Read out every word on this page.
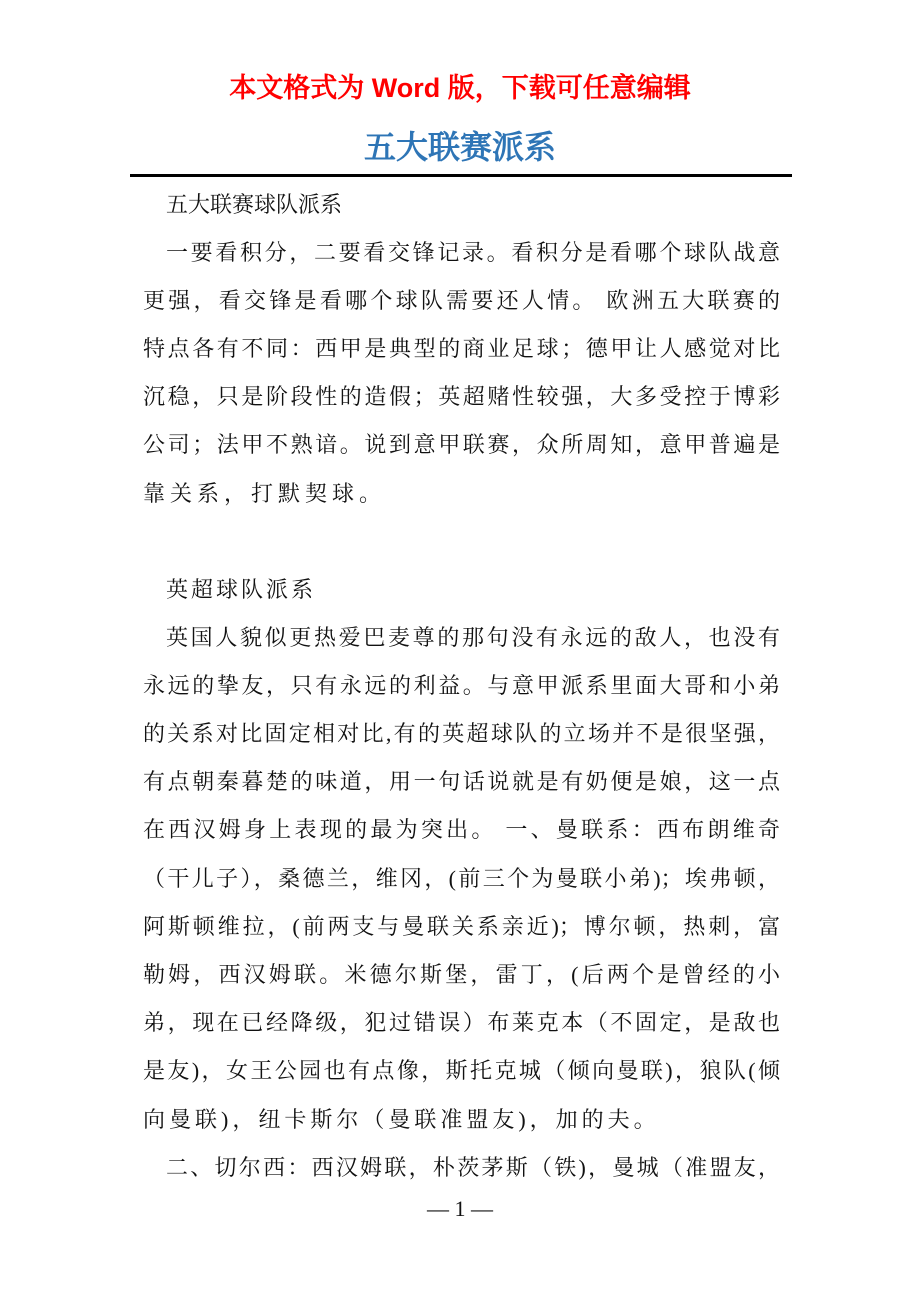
本文格式为 Word 版，下载可任意编辑
五大联赛派系
五大联赛球队派系
一要看积分，二要看交锋记录。看积分是看哪个球队战意
更强，看交锋是看哪个球队需要还人情。 欧洲五大联赛的
特点各有不同：西甲是典型的商业足球；德甲让人感觉对比
沉稳，只是阶段性的造假；英超赌性较强，大多受控于博彩
公司；法甲不熟谙。说到意甲联赛，众所周知，意甲普遍是
靠关系，打默契球。
英超球队派系
英国人貌似更热爱巴麦尊的那句没有永远的敌人，也没有
永远的挚友，只有永远的利益。与意甲派系里面大哥和小弟
的关系对比固定相对比,有的英超球队的立场并不是很坚强，
有点朝秦暮楚的味道，用一句话说就是有奶便是娘，这一点
在西汉姆身上表现的最为突出。 一、曼联系：西布朗维奇
（干儿子），桑德兰，维冈，(前三个为曼联小弟)；埃弗顿，
阿斯顿维拉，(前两支与曼联关系亲近)；博尔顿，热刺，富
勒姆，西汉姆联。米德尔斯堡，雷丁，(后两个是曾经的小
弟，现在已经降级，犯过错误）布莱克本（不固定，是敌也
是友)，女王公园也有点像，斯托克城（倾向曼联)，狼队(倾
向曼联)，纽卡斯尔（曼联准盟友)，加的夫。
二、切尔西：西汉姆联，朴茨茅斯（铁)，曼城（准盟友，
— 1 —
